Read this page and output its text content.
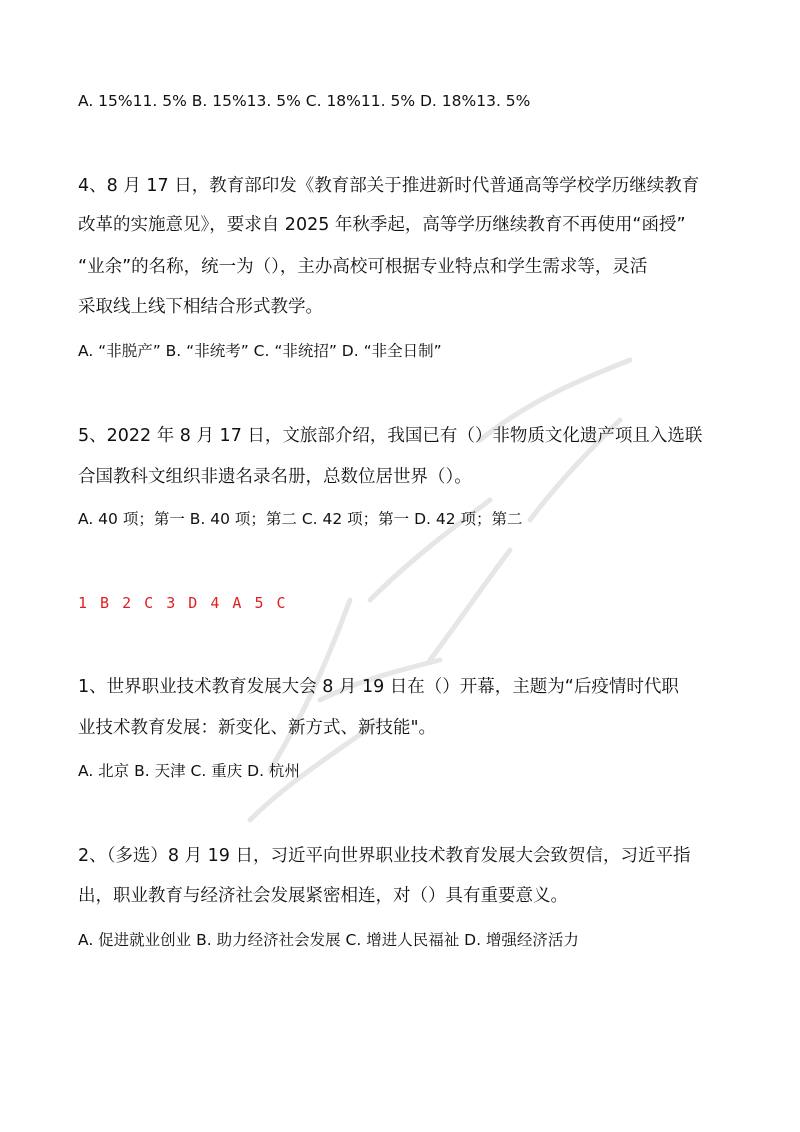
A. 15%11. 5% B. 15%13. 5% C. 18%11. 5% D. 18%13. 5%
4、8 月 17 日，教育部印发《教育部关于推进新时代普通高等学校学历继续教育
改革的实施意见》，要求自 2025 年秋季起，高等学历继续教育不再使用“函授”
“业余”的名称，统一为（），主办高校可根据专业特点和学生需求等，灵活
采取线上线下相结合形式教学。
A. “非脱产” B. “非统考” C. “非统招” D. “非全日制”
5、2022 年 8 月 17 日，文旅部介绍，我国已有（）非物质文化遗产项且入选联
合国教科文组织非遗名录名册，总数位居世界（）。
A. 40 项；第一 B. 40 项；第二 C. 42 项；第一 D. 42 项；第二
1 B 2 C 3 D 4 A 5 C
1、世界职业技术教育发展大会 8 月 19 日在（）开幕，主题为“后疫情时代职
业技术教育发展：新变化、新方式、新技能"。
A. 北京 B. 天津 C. 重庆 D. 杭州
2、（多选）8 月 19 日，习近平向世界职业技术教育发展大会致贺信，习近平指
出，职业教育与经济社会发展紧密相连，对（）具有重要意义。
A. 促进就业创业 B. 助力经济社会发展 C. 增进人民福祉 D. 增强经济活力
